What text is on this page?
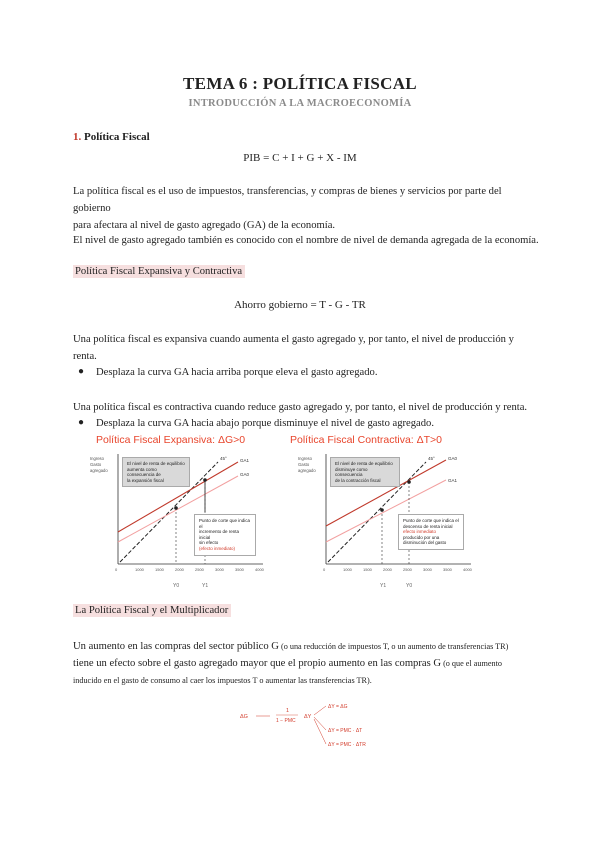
TEMA 6 : POLÍTICA FISCAL
INTRODUCCIÓN A LA MACROECONOMÍA
1. Política Fiscal
PIB = C + I + G + X - IM
La política fiscal es el uso de impuestos, transferencias, y compras de bienes y servicios por parte del gobierno
para afectara al nivel de gasto agregado (GA) de la economía.
El nivel de gasto agregado también es conocido con el nombre de nivel de demanda agregada de la economía.
Política Fiscal Expansiva y Contractiva
Ahorro gobierno = T - G - TR
Una política fiscal es expansiva cuando aumenta el gasto agregado y, por tanto, el nivel de producción y
renta.
● Desplaza la curva GA hacia arriba porque eleva el gasto agregado.
Una política fiscal es contractiva cuando reduce gasto agregado y, por tanto, el nivel de producción y renta.
● Desplaza la curva GA hacia abajo porque disminuye el nivel de gasto agregado.
Política Fiscal Expansiva: ΔG>0
Ingreso
Gasto
agregado
GA1
GA0
45°
0	1000	1500	2000	2500	3000	3500	4000
El nivel de renta de equilibrio
aumenta como consecuencia de
la expansión fiscal
Punto de corte que indica el
incremento de renta inicial
sin efecto
(efecto inmediato)
Y0	Y1
Política Fiscal Contractiva: ΔT>0
Ingreso
Gasto
agregado
GA0
GA1
45°
0	1000	1500	2000	2500	3000	3500	4000
El nivel de renta de equilibrio
disminuye como consecuencia
de la contracción fiscal
Punto de corte que indica el
descenso de renta inicial
efecto inmediato
producido por una
disminución del gasto
Y1	Y0
La Política Fiscal y el Multiplicador
Un aumento en las compras del sector público G (o una reducción de impuestos T, o un aumento de transferencias TR)
tiene un efecto sobre el gasto agregado mayor que el propio aumento en las compras G (o que el aumento
inducido en el gasto de consumo al caer los impuestos T o aumentar las transferencias TR).
ΔG
1
1 − PMC
ΔY
ΔY = ΔG
ΔY = PMC · ΔT
ΔY = PMC · ΔTR
